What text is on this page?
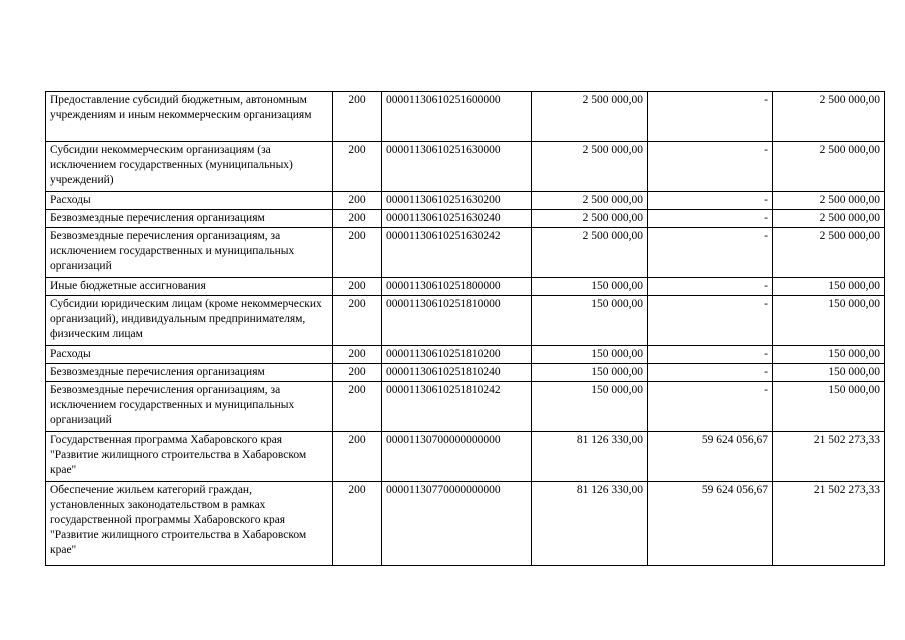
Предоставление субсидий бюджетным, автономным учреждениям и иным некоммерческим организациям	200	00001130610251600000	2 500 000,00	-	2 500 000,00
Субсидии некоммерческим организациям (за исключением государственных (муниципальных) учреждений)	200	00001130610251630000	2 500 000,00	-	2 500 000,00
Расходы	200	00001130610251630200	2 500 000,00	-	2 500 000,00
Безвозмездные перечисления организациям	200	00001130610251630240	2 500 000,00	-	2 500 000,00
Безвозмездные перечисления организациям, за исключением государственных и муниципальных организаций	200	00001130610251630242	2 500 000,00	-	2 500 000,00
Иные бюджетные ассигнования	200	00001130610251800000	150 000,00	-	150 000,00
Субсидии юридическим лицам (кроме некоммерческих организаций), индивидуальным предпринимателям, физическим лицам	200	00001130610251810000	150 000,00	-	150 000,00
Расходы	200	00001130610251810200	150 000,00	-	150 000,00
Безвозмездные перечисления организациям	200	00001130610251810240	150 000,00	-	150 000,00
Безвозмездные перечисления организациям, за исключением государственных и муниципальных организаций	200	00001130610251810242	150 000,00	-	150 000,00
Государственная программа Хабаровского края "Развитие жилищного строительства в Хабаровском крае"	200	00001130700000000000	81 126 330,00	59 624 056,67	21 502 273,33
Обеспечение жильем категорий граждан, установленных законодательством в рамках государственной программы Хабаровского края "Развитие жилищного строительства в Хабаровском крае"	200	00001130770000000000	81 126 330,00	59 624 056,67	21 502 273,33
